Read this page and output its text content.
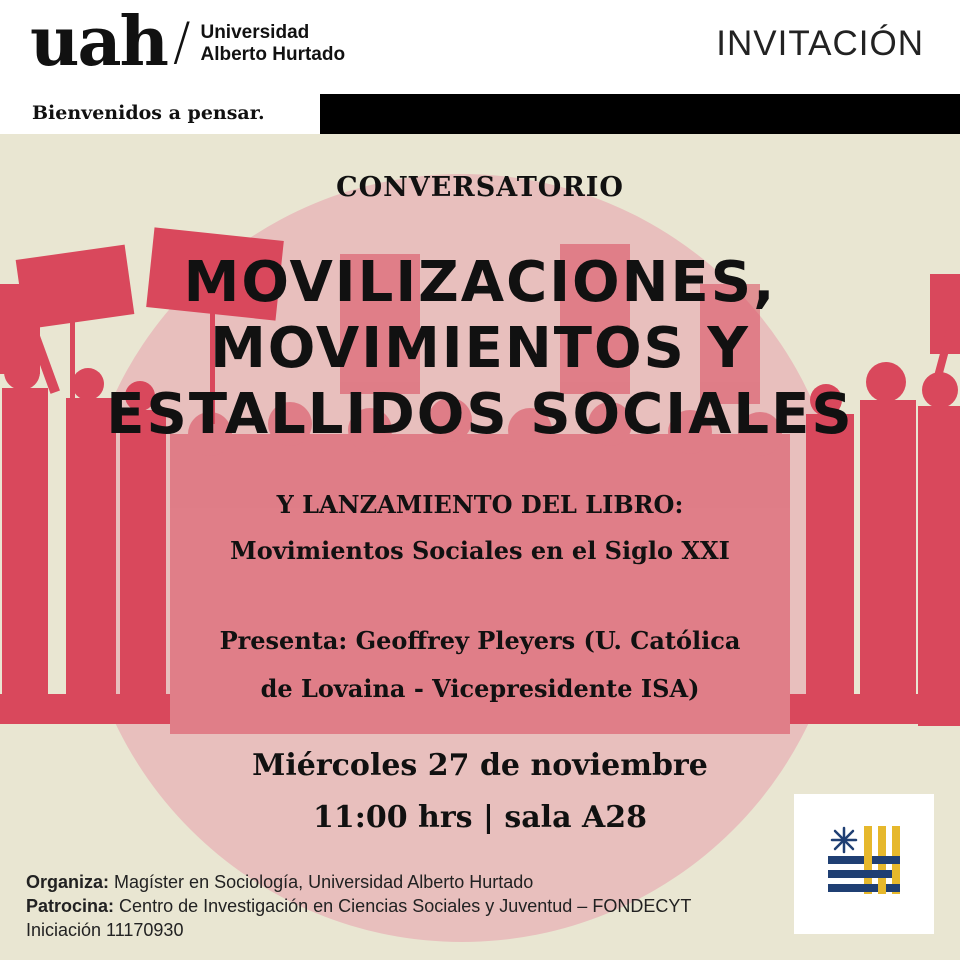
uah / Universidad
Alberto Hurtado	INVITACIÓN
Bienvenidos a pensar.
CONVERSATORIO
MOVILIZACIONES,
MOVIMIENTOS Y
ESTALLIDOS SOCIALES
Y LANZAMIENTO DEL LIBRO:
Movimientos Sociales en el Siglo XXI
Presenta: Geoffrey Pleyers (U. Católica
de Lovaina - Vicepresidente ISA)
Miércoles 27 de noviembre
11:00 hrs | sala A28
Organiza: Magíster en Sociología, Universidad Alberto Hurtado
Patrocina: Centro de Investigación en Ciencias Sociales y Juventud – FONDECYT
Iniciación 11170930
